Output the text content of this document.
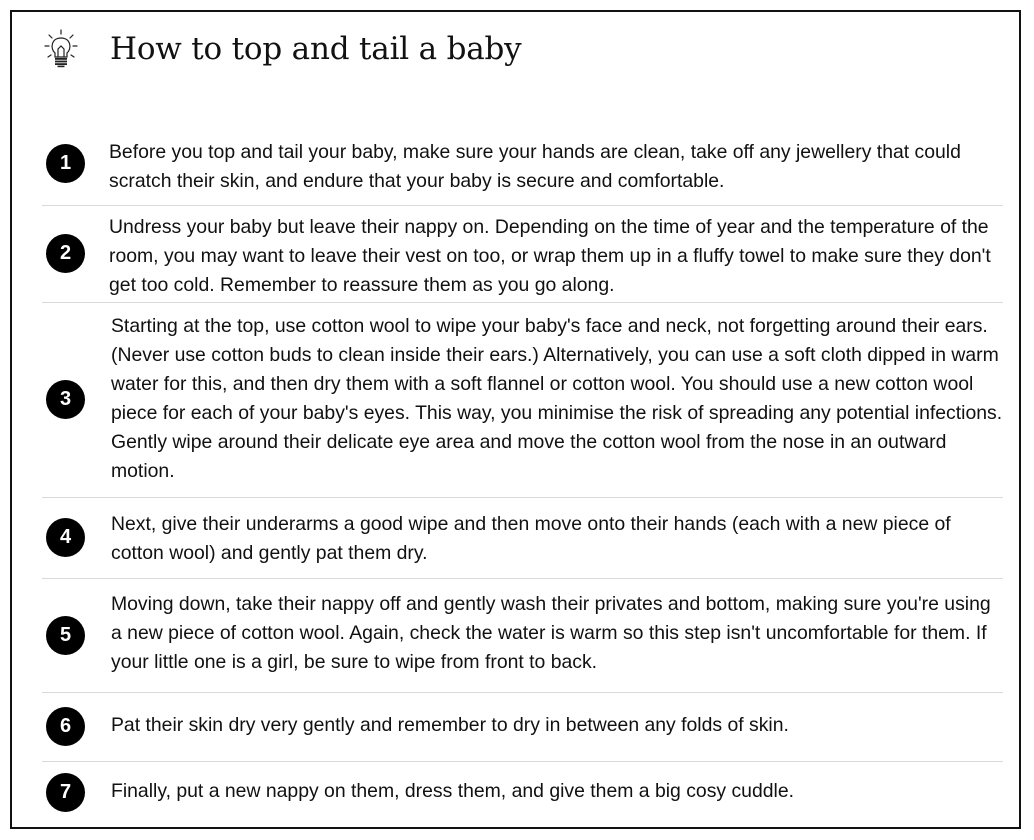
How to top and tail a baby
1	Before you top and tail your baby, make sure your hands are clean, take off any jewellery that could scratch their skin, and endure that your baby is secure and comfortable.
2
Undress your baby but leave their nappy on. Depending on the time of year and the temperature of the room, you may want to leave their vest on too, or wrap them up in a fluffy towel to make sure they don't get too cold. Remember to reassure them as you go along.
3
Starting at the top, use cotton wool to wipe your baby's face and neck, not forgetting around their ears. (Never use cotton buds to clean inside their ears.) Alternatively, you can use a soft cloth dipped in warm water for this, and then dry them with a soft flannel or cotton wool. You should use a new cotton wool piece for each of your baby's eyes. This way, you minimise the risk of spreading any potential infections. Gently wipe around their delicate eye area and move the cotton wool from the nose in an outward motion.
4
Next, give their underarms a good wipe and then move onto their hands (each with a new piece of cotton wool) and gently pat them dry.
5
Moving down, take their nappy off and gently wash their privates and bottom, making sure you're using a new piece of cotton wool. Again, check the water is warm so this step isn't uncomfortable for them. If your little one is a girl, be sure to wipe from front to back.
6	Pat their skin dry very gently and remember to dry in between any folds of skin.
7	Finally, put a new nappy on them, dress them, and give them a big cosy cuddle.
